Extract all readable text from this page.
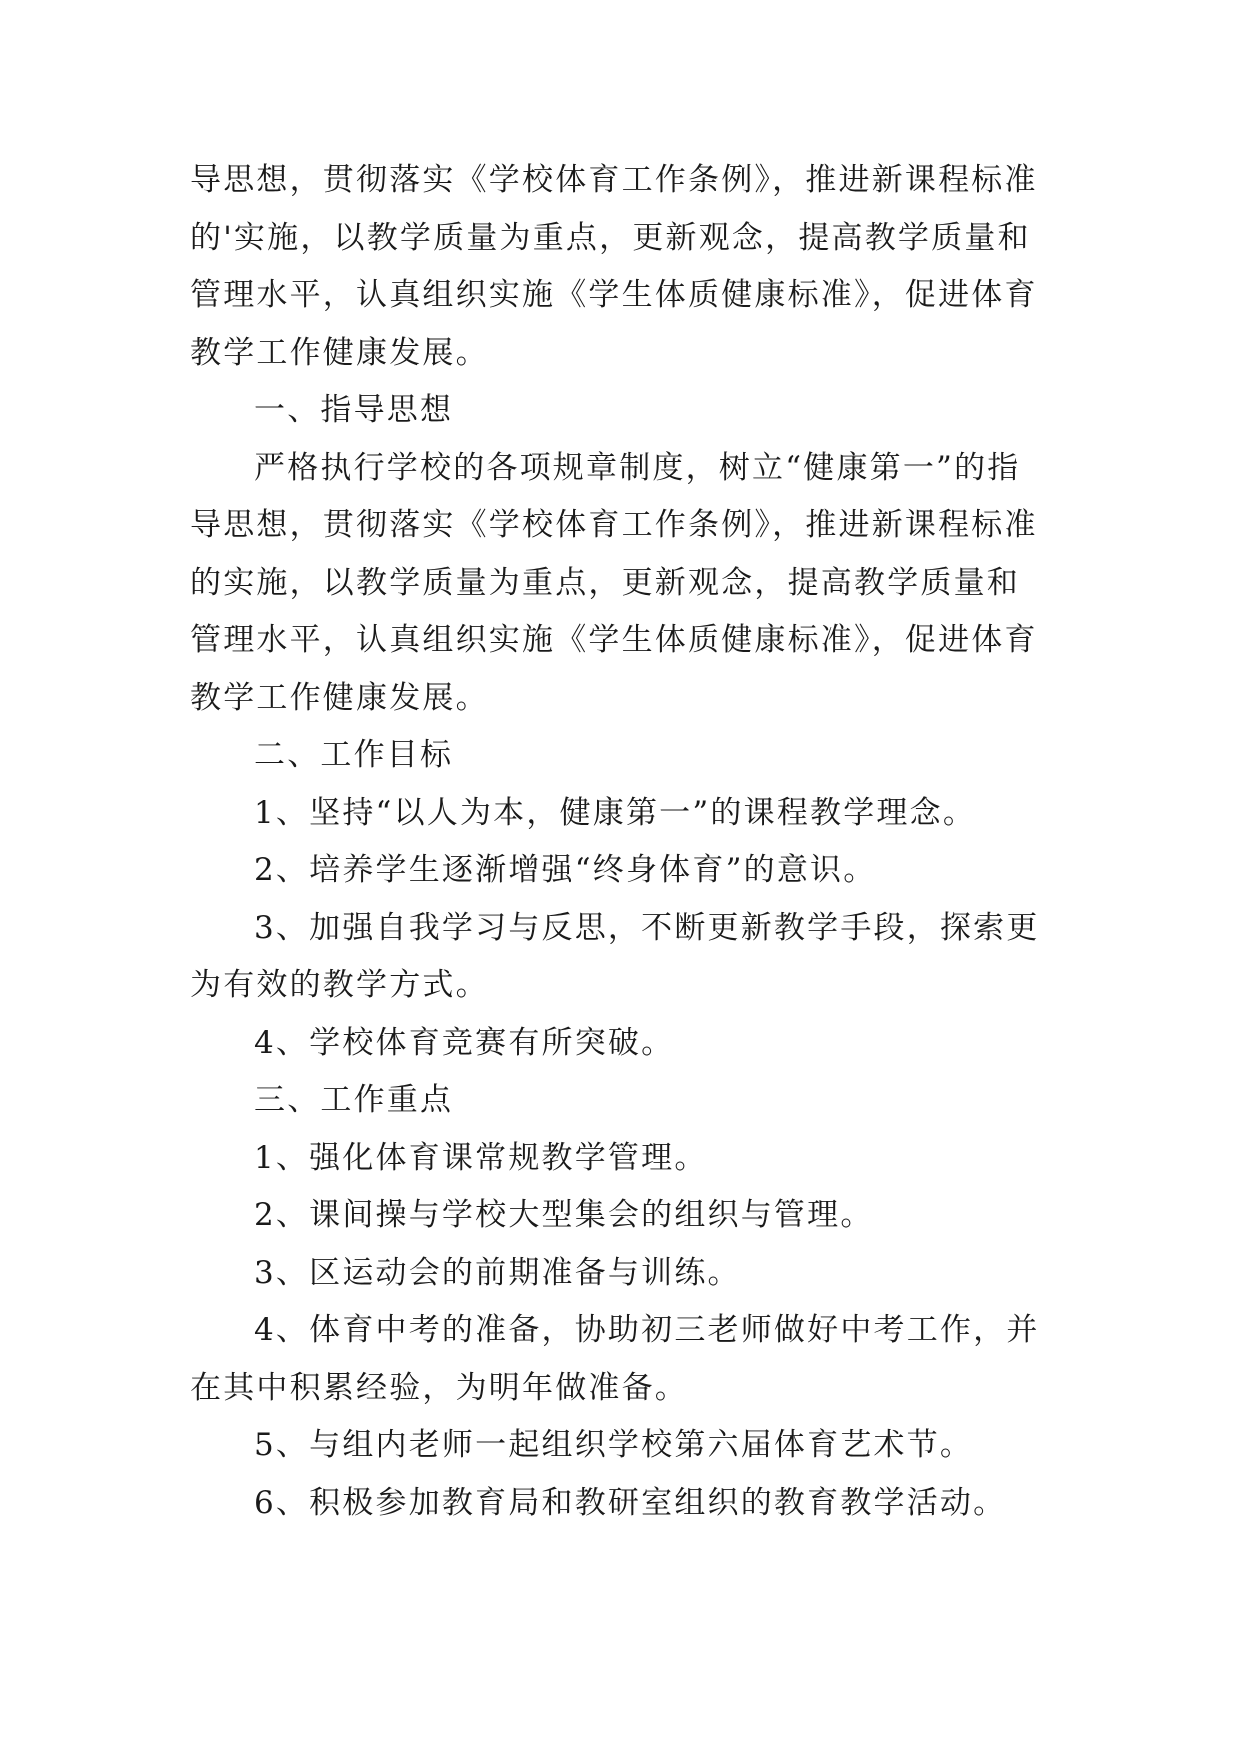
导思想，贯彻落实《学校体育工作条例》，推进新课程标准的'实施，以教学质量为重点，更新观念，提高教学质量和管理水平，认真组织实施《学生体质健康标准》，促进体育教学工作健康发展。

一、指导思想

严格执行学校的各项规章制度，树立“健康第一”的指导思想，贯彻落实《学校体育工作条例》，推进新课程标准的实施，以教学质量为重点，更新观念，提高教学质量和管理水平，认真组织实施《学生体质健康标准》，促进体育教学工作健康发展。

二、工作目标

1、坚持“以人为本，健康第一”的课程教学理念。

2、培养学生逐渐增强“终身体育”的意识。

3、加强自我学习与反思，不断更新教学手段，探索更为有效的教学方式。

4、学校体育竞赛有所突破。

三、工作重点

1、强化体育课常规教学管理。

2、课间操与学校大型集会的组织与管理。

3、区运动会的前期准备与训练。

4、体育中考的准备，协助初三老师做好中考工作，并在其中积累经验，为明年做准备。

5、与组内老师一起组织学校第六届体育艺术节。

6、积极参加教育局和教研室组织的教育教学活动。
